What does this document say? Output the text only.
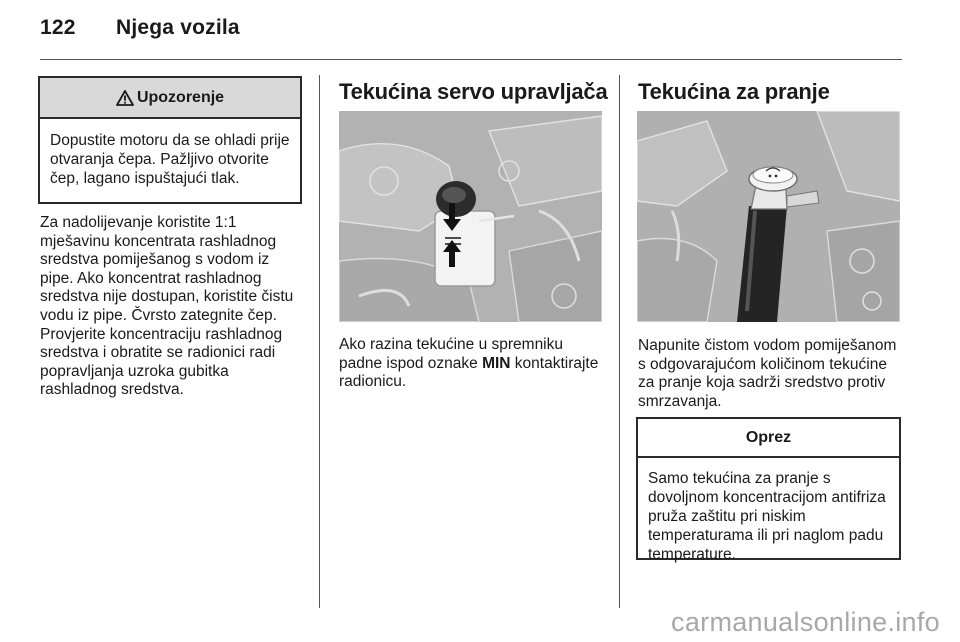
122 Njega vozila
Upozorenje
Dopustite motoru da se ohladi prije otvaranja čepa. Pažljivo otvorite čep, lagano ispuštajući tlak.
Za nadolijevanje koristite 1:1 mješavinu koncentrata rashladnog sredstva pomiješanog s vodom iz pipe. Ako koncentrat rashladnog sredstva nije dostupan, koristite čistu vodu iz pipe. Čvrsto zategnite čep. Provjerite koncentraciju rashladnog sredstva i obratite se radionici radi popravljanja uzroka gubitka rashladnog sredstva.
Tekućina servo upravljača
Ako razina tekućine u spremniku padne ispod oznake MIN kontaktirajte radionicu.
Tekućina za pranje
Napunite čistom vodom pomiješanom s odgovarajućom količinom tekućine za pranje koja sadrži sredstvo protiv smrzavanja.
Oprez
Samo tekućina za pranje s dovoljnom koncentracijom antifriza pruža zaštitu pri niskim temperaturama ili pri naglom padu temperature.
carmanualsonline.info
